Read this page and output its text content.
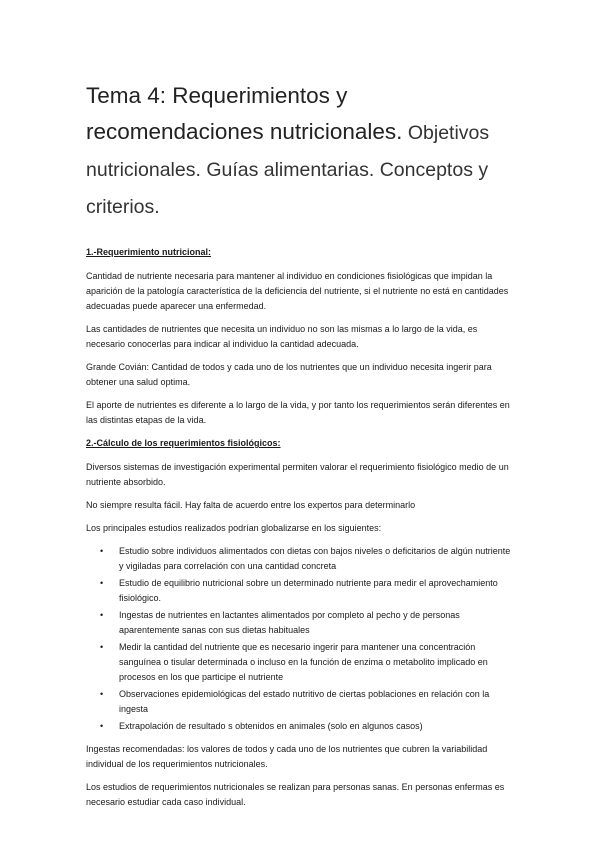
Tema 4: Requerimientos y recomendaciones nutricionales. Objetivos nutricionales. Guías alimentarias. Conceptos y criterios.
1.-Requerimiento nutricional:

Cantidad de nutriente necesaria para mantener al individuo en condiciones fisiológicas que impidan la aparición de la patología característica de la deficiencia del nutriente, si el nutriente no está en cantidades adecuadas puede aparecer una enfermedad.

Las cantidades de nutrientes que necesita un individuo no son las mismas a lo largo de la vida, es necesario conocerlas para indicar al individuo la cantidad adecuada.

Grande Covián: Cantidad de todos y cada uno de los nutrientes que un individuo necesita ingerir para obtener una salud optima.

El aporte de nutrientes es diferente a lo largo de la vida, y por tanto los requerimientos serán diferentes en las distintas etapas de la vida.

2.-Cálculo de los requerimientos fisiológicos:

Diversos sistemas de investigación experimental permiten valorar el requerimiento fisiológico medio de un nutriente absorbido.

No siempre resulta fácil. Hay falta de acuerdo entre los expertos para determinarlo

Los principales estudios realizados podrían globalizarse en los siguientes:

• Estudio sobre individuos alimentados con dietas con bajos niveles o deficitarios de algún nutriente y vigiladas para correlación con una cantidad concreta
• Estudio de equilibrio nutricional sobre un determinado nutriente para medir el aprovechamiento fisiológico.
• Ingestas de nutrientes en lactantes alimentados por completo al pecho y de personas aparentemente sanas con sus dietas habituales
• Medir la cantidad del nutriente que es necesario ingerir para mantener una concentración sanguínea o tisular determinada o incluso en la función de enzima o metabolito implicado en procesos en los que participe el nutriente
• Observaciones epidemiológicas del estado nutritivo de ciertas poblaciones en relación con la ingesta
• Extrapolación de resultado s obtenidos en animales (solo en algunos casos)

Ingestas recomendadas: los valores de todos y cada uno de los nutrientes que cubren la variabilidad individual de los requerimientos nutricionales.

Los estudios de requerimientos nutricionales se realizan para personas sanas. En personas enfermas es necesario estudiar cada caso individual.
